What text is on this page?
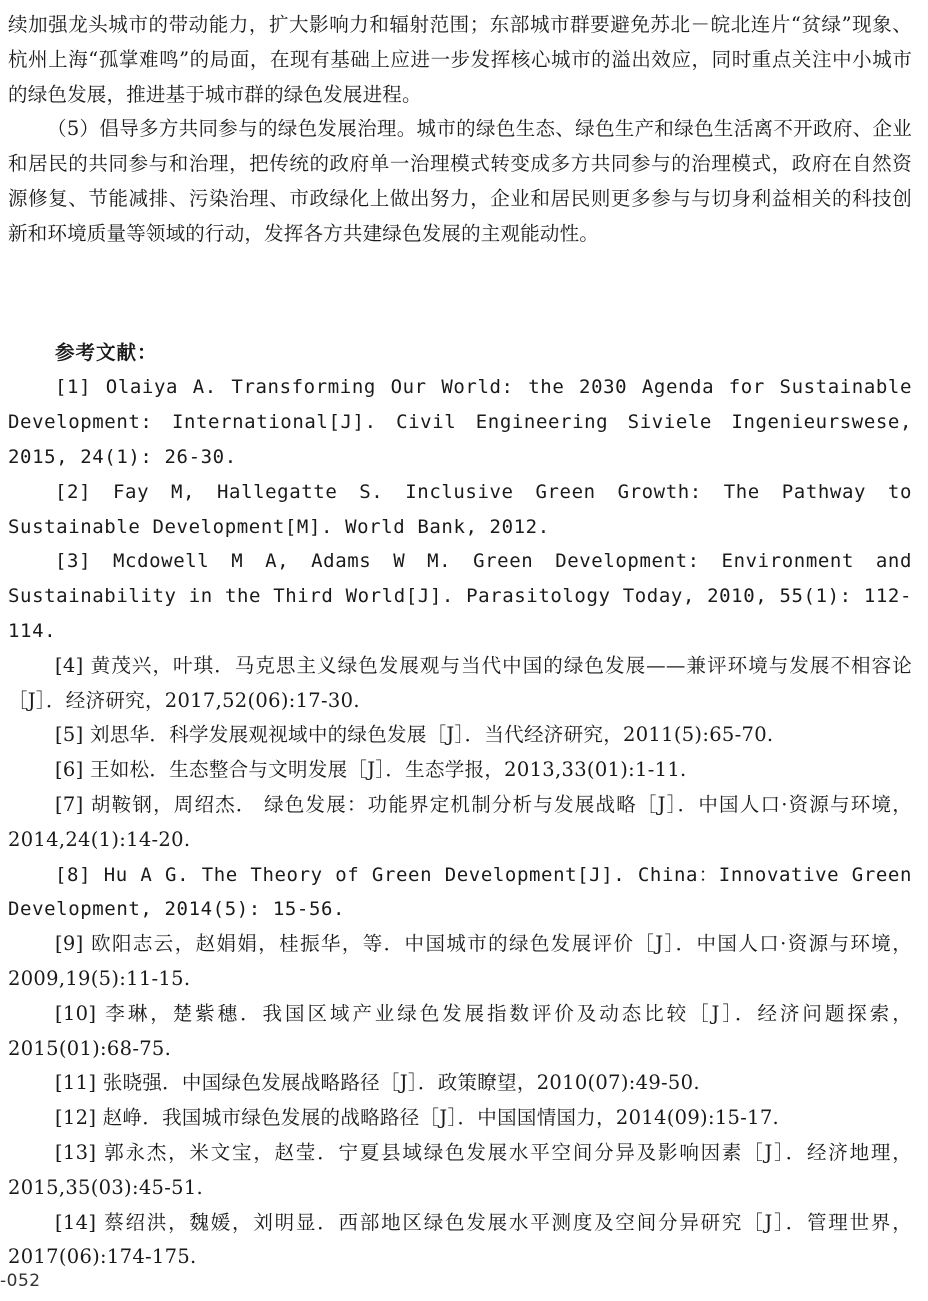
续加强龙头城市的带动能力，扩大影响力和辐射范围；东部城市群要避免苏北－皖北连片“贫绿”现象、杭州上海“孤掌难鸣”的局面，在现有基础上应进一步发挥核心城市的溢出效应，同时重点关注中小城市的绿色发展，推进基于城市群的绿色发展进程。

（5）倡导多方共同参与的绿色发展治理。城市的绿色生态、绿色生产和绿色生活离不开政府、企业和居民的共同参与和治理，把传统的政府单一治理模式转变成多方共同参与的治理模式，政府在自然资源修复、节能减排、污染治理、市政绿化上做出努力，企业和居民则更多参与与切身利益相关的科技创新和环境质量等领域的行动，发挥各方共建绿色发展的主观能动性。

参考文献：

[1] Olaiya A. Transforming Our World: the 2030 Agenda for Sustainable Development: International[J]. Civil Engineering Siviele Ingenieurswese, 2015, 24(1): 26-30.

[2] Fay M, Hallegatte S. Inclusive Green Growth: The Pathway to Sustainable Development[M]. World Bank, 2012.

[3] Mcdowell M A, Adams W M. Green Development: Environment and Sustainability in the Third World[J]. Parasitology Today, 2010, 55(1): 112-114.

[4] 黄茂兴，叶琪．马克思主义绿色发展观与当代中国的绿色发展——兼评环境与发展不相容论［J］．经济研究，2017,52(06):17-30.

[5] 刘思华．科学发展观视域中的绿色发展［J］．当代经济研究，2011(5):65-70.

[6] 王如松．生态整合与文明发展［J］．生态学报，2013,33(01):1-11.

[7] 胡鞍钢，周绍杰． 绿色发展：功能界定机制分析与发展战略［J］．中国人口·资源与环境，2014,24(1):14-20.

[8] Hu A G. The Theory of Green Development[J]. China：Innovative Green Development, 2014(5): 15-56.

[9] 欧阳志云，赵娟娟，桂振华，等．中国城市的绿色发展评价［J］．中国人口·资源与环境，2009,19(5):11-15.

[10] 李琳，楚紫穗．我国区域产业绿色发展指数评价及动态比较［J］．经济问题探索，2015(01):68-75.

[11] 张晓强．中国绿色发展战略路径［J］．政策瞭望，2010(07):49-50.

[12] 赵峥．我国城市绿色发展的战略路径［J］．中国国情国力，2014(09):15-17.

[13] 郭永杰，米文宝，赵莹．宁夏县域绿色发展水平空间分异及影响因素［J］．经济地理，2015,35(03):45-51.

[14] 蔡绍洪，魏媛，刘明显．西部地区绿色发展水平测度及空间分异研究［J］．管理世界，2017(06):174-175.

-052
